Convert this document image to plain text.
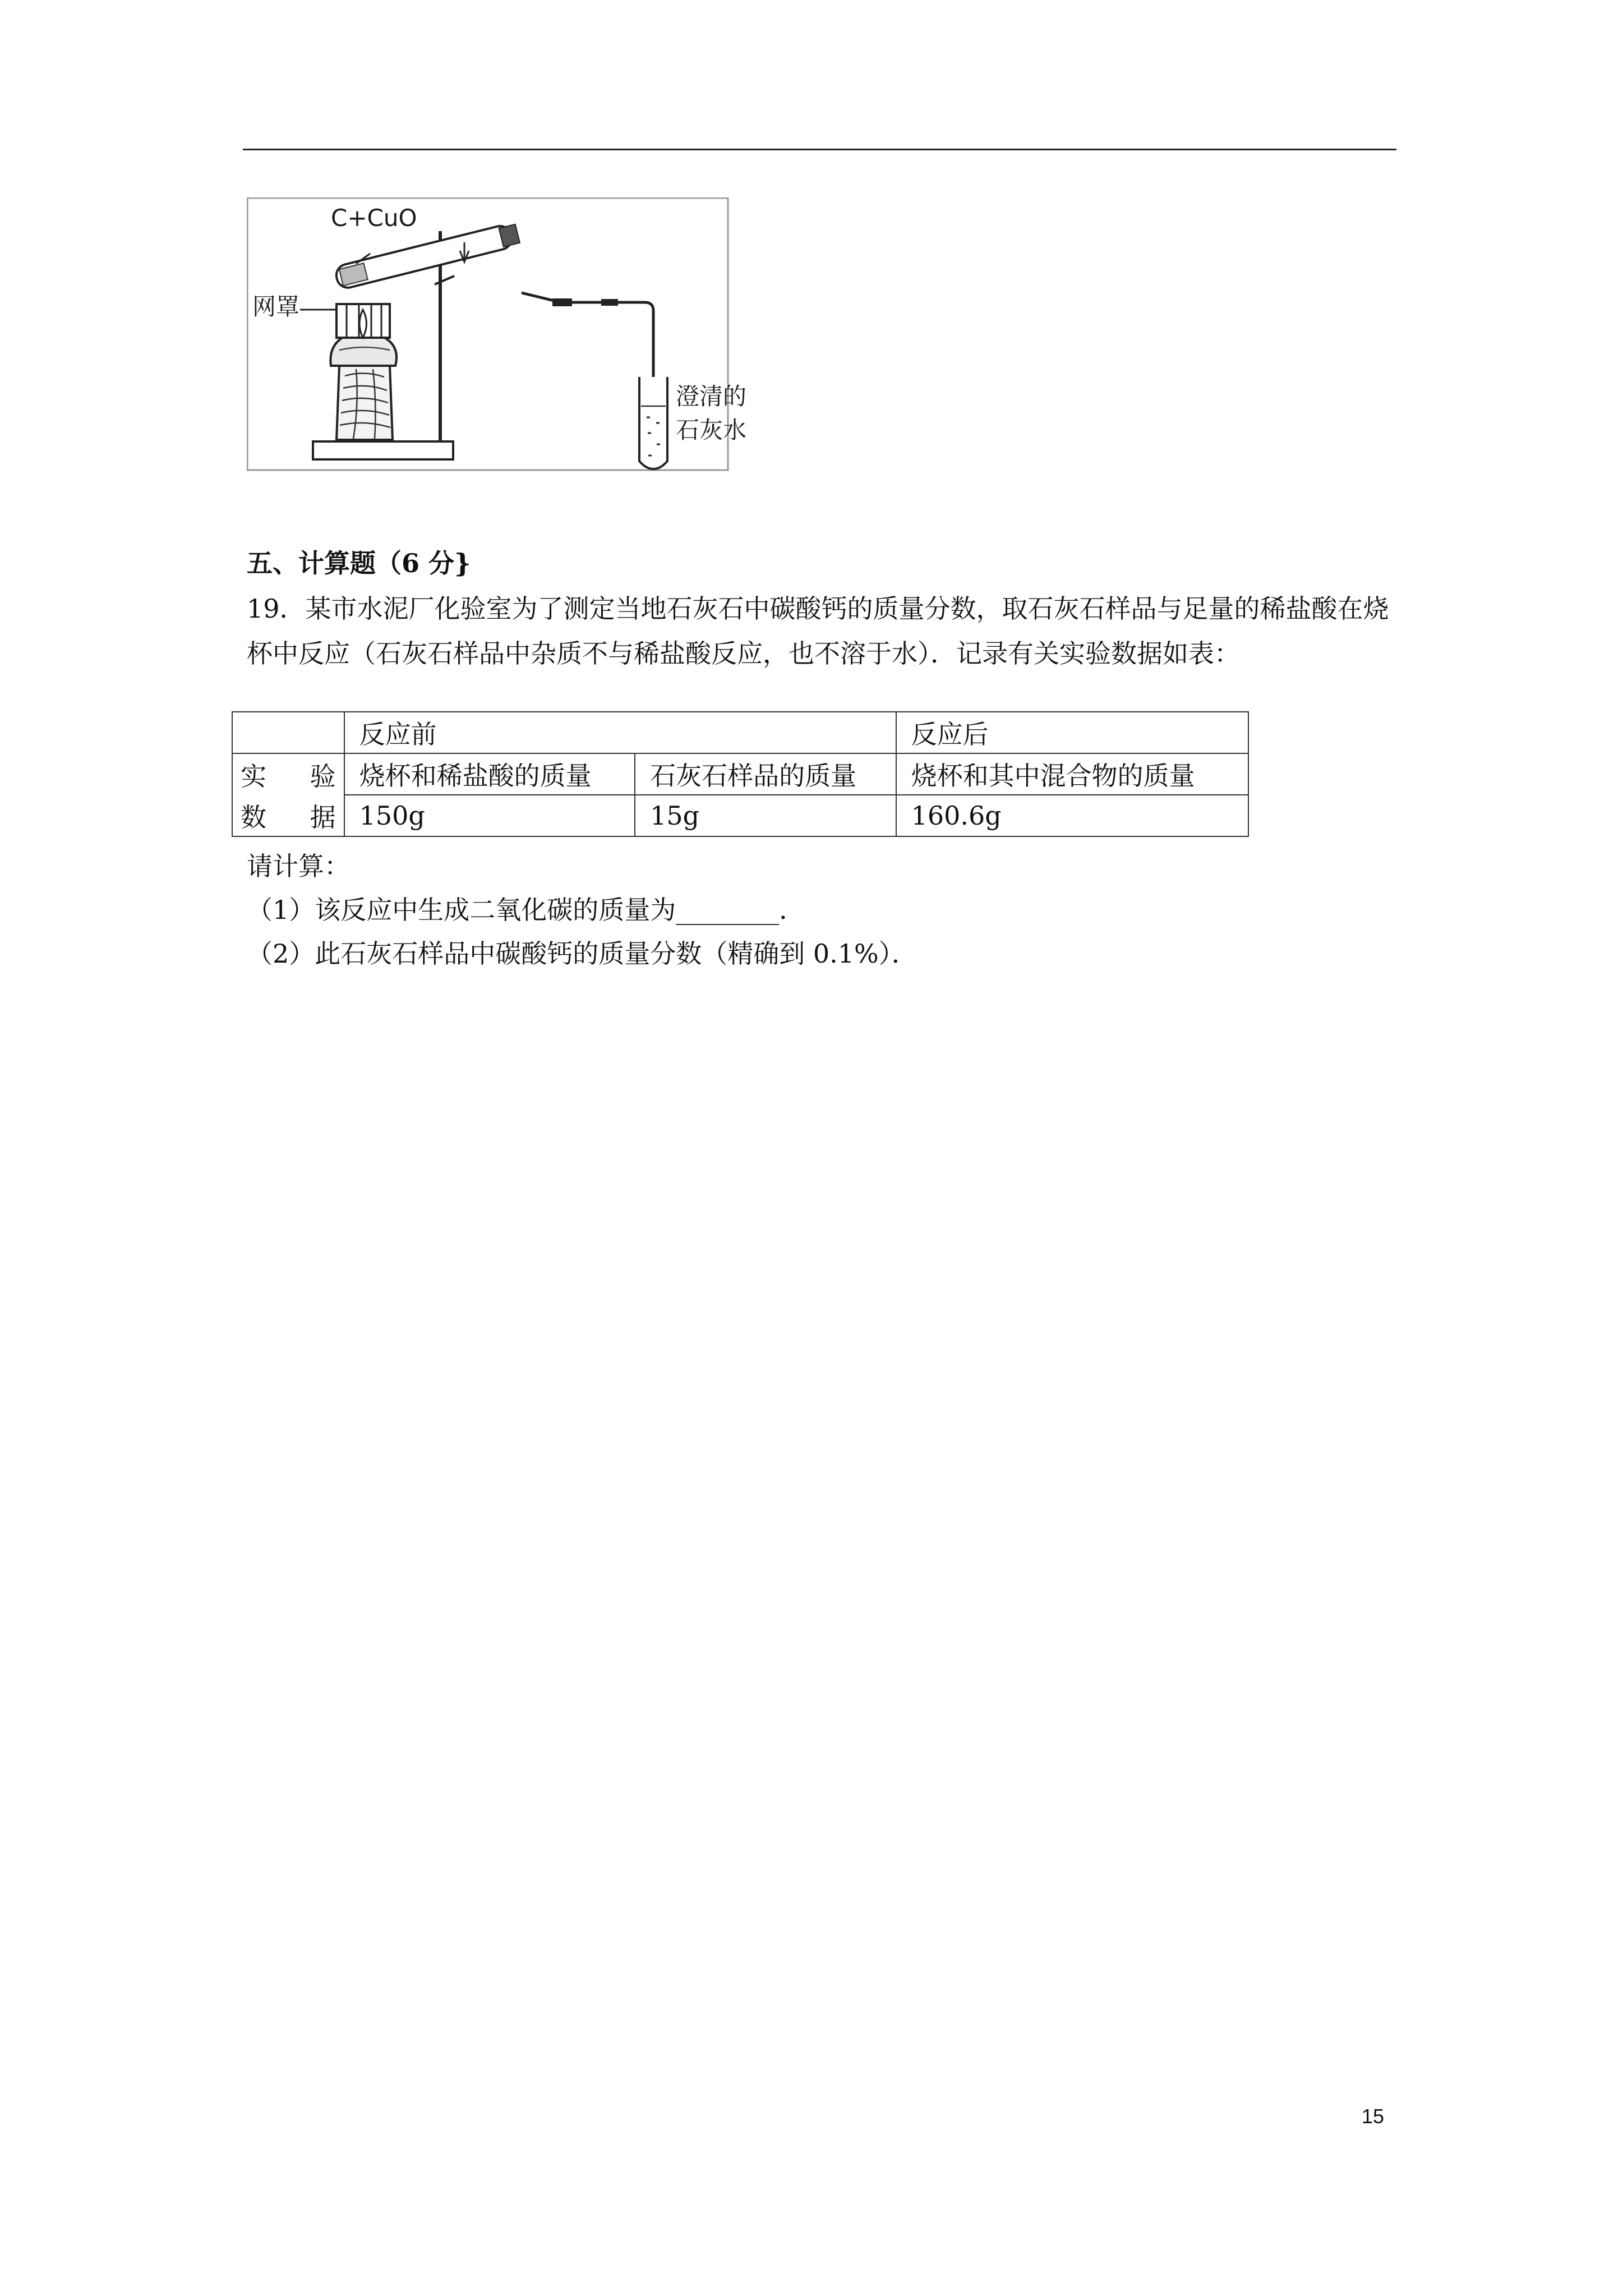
C+CuO
网罩
澄清的
石灰水
五、计算题（6 分}
19．某市水泥厂化验室为了测定当地石灰石中碳酸钙的质量分数，取石灰石样品与足量的稀盐酸在烧杯中反应（石灰石样品中杂质不与稀盐酸反应，也不溶于水）．记录有关实验数据如表：
	反应前		反应后
实 验	烧杯和稀盐酸的质量	石灰石样品的质量	烧杯和其中混合物的质量
数 据	150g	15g	160.6g
请计算：
（1）该反应中生成二氧化碳的质量为________．
（2）此石灰石样品中碳酸钙的质量分数（精确到 0.1%）．
15
